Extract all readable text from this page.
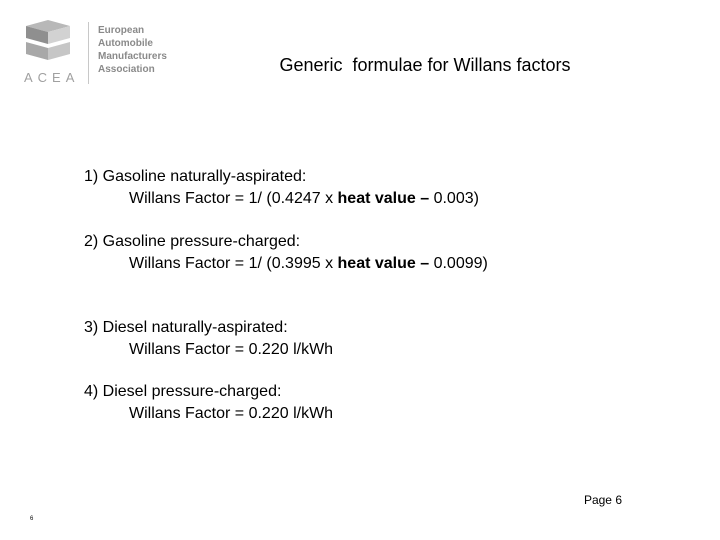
ACEA
European
Automobile
Manufacturers
Association	Generic  formulae for Willans factors
1) Gasoline naturally-aspirated:
Willans Factor = 1/ (0.4247 x heat value – 0.003)
2) Gasoline pressure-charged:
Willans Factor = 1/ (0.3995 x heat value – 0.0099)
3) Diesel naturally-aspirated:
Willans Factor = 0.220 l/kWh
4) Diesel pressure-charged:
Willans Factor = 0.220 l/kWh
Page 6
6
